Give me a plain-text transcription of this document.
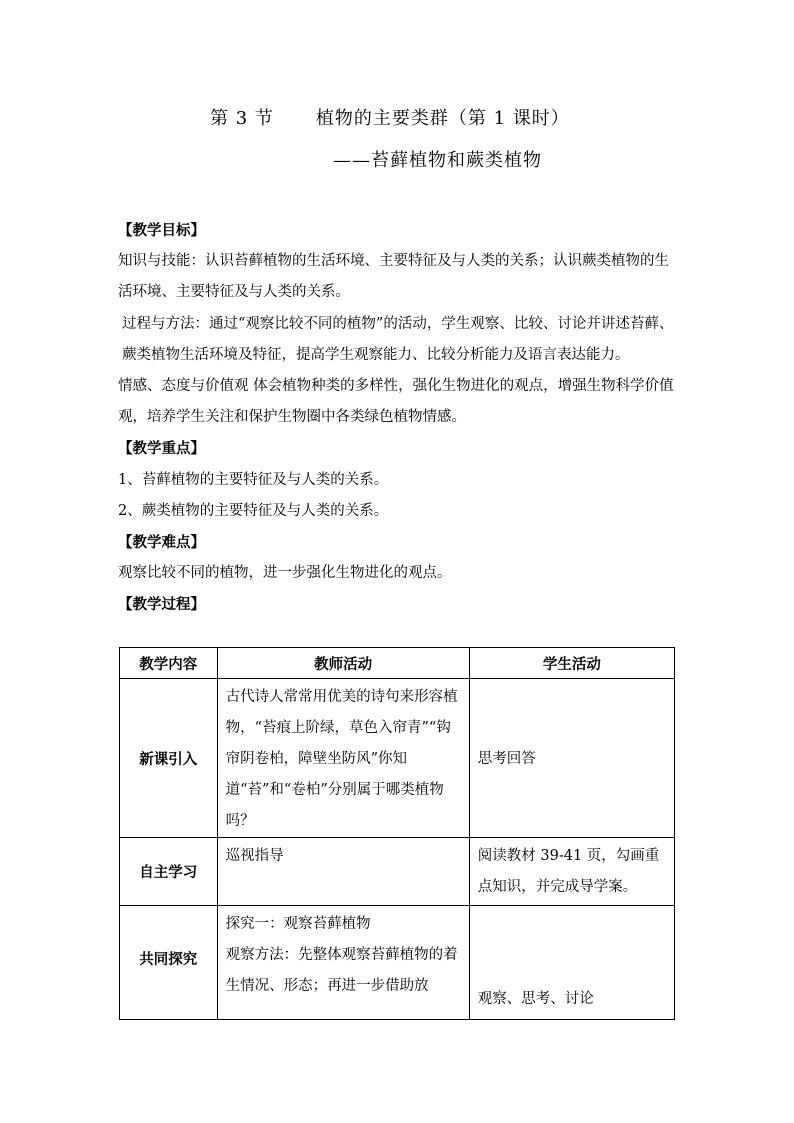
第 3 节 植物的主要类群（第 1 课时）
——苔藓植物和蕨类植物

【教学目标】

知识与技能：认识苔藓植物的生活环境、主要特征及与人类的关系；认识蕨类植物的生活环境、主要特征及与人类的关系。

过程与方法：通过“观察比较不同的植物”的活动，学生观察、比较、讨论并讲述苔藓、蕨类植物生活环境及特征，提高学生观察能力、比较分析能力及语言表达能力。

情感、态度与价值观 体会植物种类的多样性，强化生物进化的观点，增强生物科学价值观，培养学生关注和保护生物圈中各类绿色植物情感。

【教学重点】

1、苔藓植物的主要特征及与人类的关系。

2、蕨类植物的主要特征及与人类的关系。

【教学难点】

观察比较不同的植物，进一步强化生物进化的观点。

【教学过程】

教学内容	教师活动	学生活动
新课引入	古代诗人常常用优美的诗句来形容植物，“苔痕上阶绿，草色入帘青”“钩帘阴卷柏，障壁坐防风”你知道“苔”和“卷柏”分别属于哪类植物吗？	思考回答

自主学习	巡视指导	阅读教材 39-41 页，勾画重点知识，并完成导学案。

共同探究	探究一：观察苔藓植物
观察方法：先整体观察苔藓植物的着生情况、形态；再进一步借助放	观察、思考、讨论
